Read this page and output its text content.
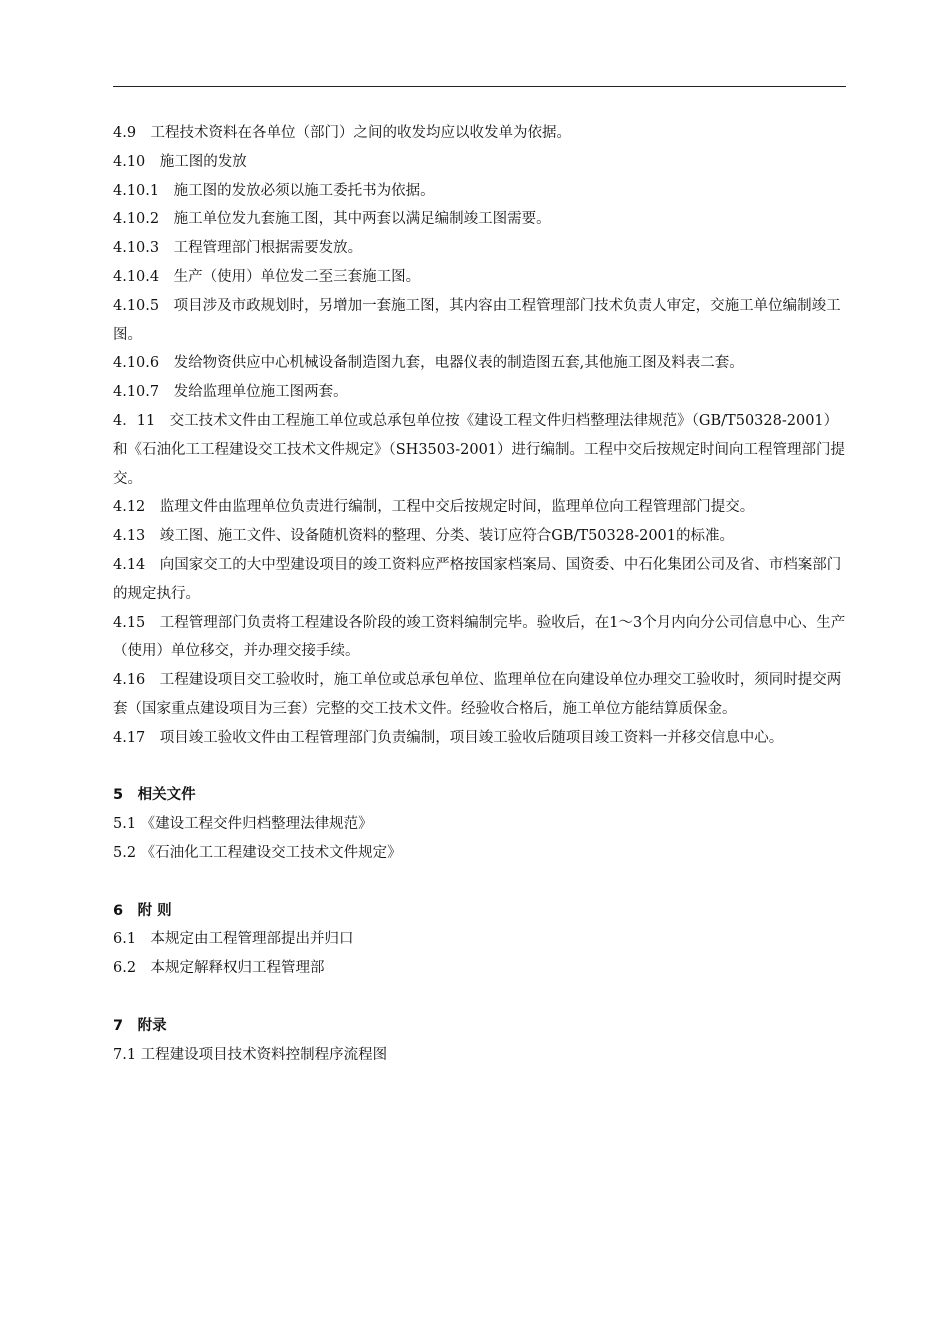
4.9　工程技术资料在各单位（部门）之间的收发均应以收发单为依据。

4.10　施工图的发放

4.10.1　施工图的发放必须以施工委托书为依据。

4.10.2　施工单位发九套施工图，其中两套以满足编制竣工图需要。

4.10.3　工程管理部门根据需要发放。

4.10.4　生产（使用）单位发二至三套施工图。

4.10.5　项目涉及市政规划时，另增加一套施工图，其内容由工程管理部门技术负责人审定，交施工单位编制竣工图。

4.10.6　发给物资供应中心机械设备制造图九套，电器仪表的制造图五套,其他施工图及料表二套。

4.10.7　发给监理单位施工图两套。

4．11　交工技术文件由工程施工单位或总承包单位按《建设工程文件归档整理法律规范》（GB/T50328-2001）和《石油化工工程建设交工技术文件规定》（SH3503-2001）进行编制。工程中交后按规定时间向工程管理部门提交。

4.12　监理文件由监理单位负责进行编制，工程中交后按规定时间，监理单位向工程管理部门提交。

4.13　竣工图、施工文件、设备随机资料的整理、分类、装订应符合GB/T50328-2001的标准。

4.14　向国家交工的大中型建设项目的竣工资料应严格按国家档案局、国资委、中石化集团公司及省、市档案部门的规定执行。

4.15　工程管理部门负责将工程建设各阶段的竣工资料编制完毕。验收后，在1～3个月内向分公司信息中心、生产（使用）单位移交，并办理交接手续。

4.16　工程建设项目交工验收时，施工单位或总承包单位、监理单位在向建设单位办理交工验收时，须同时提交两套（国家重点建设项目为三套）完整的交工技术文件。经验收合格后，施工单位方能结算质保金。

4.17　项目竣工验收文件由工程管理部门负责编制，项目竣工验收后随项目竣工资料一并移交信息中心。

5　相关文件

5.1 《建设工程交件归档整理法律规范》

5.2 《石油化工工程建设交工技术文件规定》

6　附 则

6.1　本规定由工程管理部提出并归口

6.2　本规定解释权归工程管理部

7　附录

7.1 工程建设项目技术资料控制程序流程图
